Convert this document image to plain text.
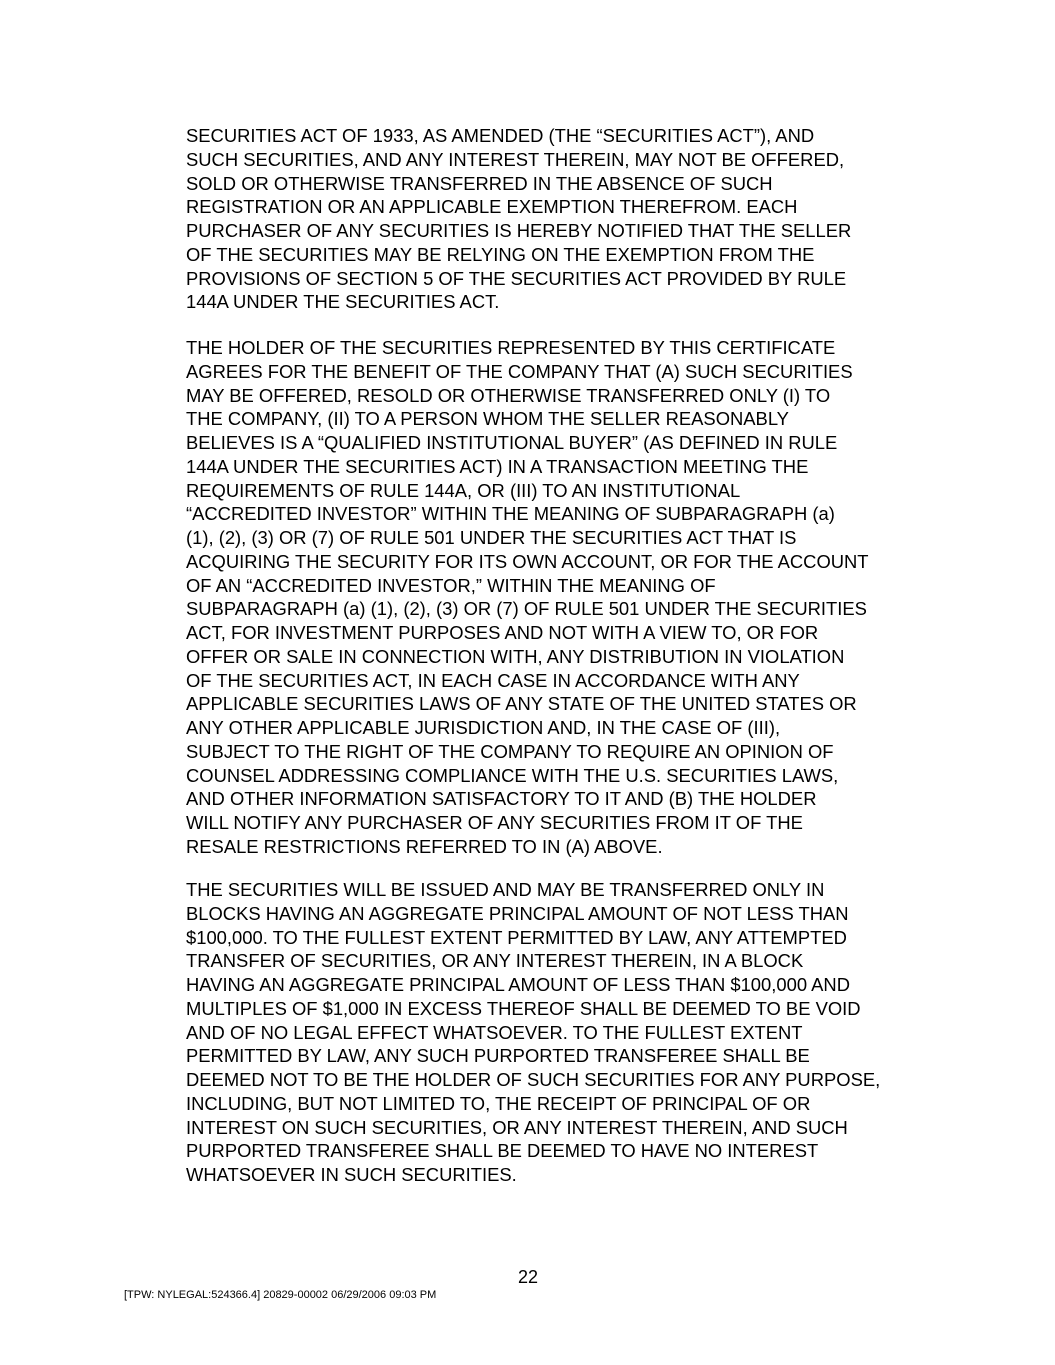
SECURITIES ACT OF 1933, AS AMENDED (THE “SECURITIES ACT”), AND
SUCH SECURITIES, AND ANY INTEREST THEREIN, MAY NOT BE OFFERED,
SOLD OR OTHERWISE TRANSFERRED IN THE ABSENCE OF SUCH
REGISTRATION OR AN APPLICABLE EXEMPTION THEREFROM. EACH
PURCHASER OF ANY SECURITIES IS HEREBY NOTIFIED THAT THE SELLER
OF THE SECURITIES MAY BE RELYING ON THE EXEMPTION FROM THE
PROVISIONS OF SECTION 5 OF THE SECURITIES ACT PROVIDED BY RULE
144A UNDER THE SECURITIES ACT.
THE HOLDER OF THE SECURITIES REPRESENTED BY THIS CERTIFICATE
AGREES FOR THE BENEFIT OF THE COMPANY THAT (A) SUCH SECURITIES
MAY BE OFFERED, RESOLD OR OTHERWISE TRANSFERRED ONLY (I) TO
THE COMPANY, (II) TO A PERSON WHOM THE SELLER REASONABLY
BELIEVES IS A “QUALIFIED INSTITUTIONAL BUYER” (AS DEFINED IN RULE
144A UNDER THE SECURITIES ACT) IN A TRANSACTION MEETING THE
REQUIREMENTS OF RULE 144A, OR (III) TO AN INSTITUTIONAL
“ACCREDITED INVESTOR” WITHIN THE MEANING OF SUBPARAGRAPH (a)
(1), (2), (3) OR (7) OF RULE 501 UNDER THE SECURITIES ACT THAT IS
ACQUIRING THE SECURITY FOR ITS OWN ACCOUNT, OR FOR THE ACCOUNT
OF AN “ACCREDITED INVESTOR,” WITHIN THE MEANING OF
SUBPARAGRAPH (a) (1), (2), (3) OR (7) OF RULE 501 UNDER THE SECURITIES
ACT, FOR INVESTMENT PURPOSES AND NOT WITH A VIEW TO, OR FOR
OFFER OR SALE IN CONNECTION WITH, ANY DISTRIBUTION IN VIOLATION
OF THE SECURITIES ACT, IN EACH CASE IN ACCORDANCE WITH ANY
APPLICABLE SECURITIES LAWS OF ANY STATE OF THE UNITED STATES OR
ANY OTHER APPLICABLE JURISDICTION AND, IN THE CASE OF (III),
SUBJECT TO THE RIGHT OF THE COMPANY TO REQUIRE AN OPINION OF
COUNSEL ADDRESSING COMPLIANCE WITH THE U.S. SECURITIES LAWS,
AND OTHER INFORMATION SATISFACTORY TO IT AND (B) THE HOLDER
WILL NOTIFY ANY PURCHASER OF ANY SECURITIES FROM IT OF THE
RESALE RESTRICTIONS REFERRED TO IN (A) ABOVE.
THE SECURITIES WILL BE ISSUED AND MAY BE TRANSFERRED ONLY IN
BLOCKS HAVING AN AGGREGATE PRINCIPAL AMOUNT OF NOT LESS THAN
$100,000. TO THE FULLEST EXTENT PERMITTED BY LAW, ANY ATTEMPTED
TRANSFER OF SECURITIES, OR ANY INTEREST THEREIN, IN A BLOCK
HAVING AN AGGREGATE PRINCIPAL AMOUNT OF LESS THAN $100,000 AND
MULTIPLES OF $1,000 IN EXCESS THEREOF SHALL BE DEEMED TO BE VOID
AND OF NO LEGAL EFFECT WHATSOEVER. TO THE FULLEST EXTENT
PERMITTED BY LAW, ANY SUCH PURPORTED TRANSFEREE SHALL BE
DEEMED NOT TO BE THE HOLDER OF SUCH SECURITIES FOR ANY PURPOSE,
INCLUDING, BUT NOT LIMITED TO, THE RECEIPT OF PRINCIPAL OF OR
INTEREST ON SUCH SECURITIES, OR ANY INTEREST THEREIN, AND SUCH
PURPORTED TRANSFEREE SHALL BE DEEMED TO HAVE NO INTEREST
WHATSOEVER IN SUCH SECURITIES.
22
[TPW: NYLEGAL:524366.4] 20829-00002 06/29/2006 09:03 PM
